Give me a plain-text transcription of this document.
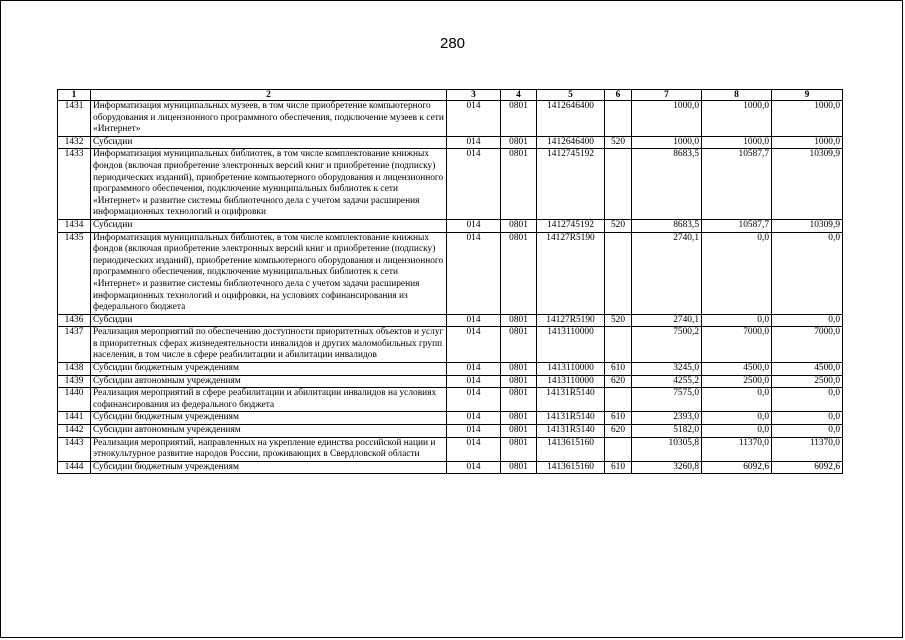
280
1	2	3	4	5	6	7	8	9
1431	Информатизация муниципальных музеев, в том числе приобретение компьютерного оборудования и лицензионного программного обеспечения, подключение музеев к сети «Интернет»	014	0801	1412646400		1000,0	1000,0	1000,0
1432	Субсидии	014	0801	1412646400	520	1000,0	1000,0	1000,0
1433	Информатизация муниципальных библиотек, в том числе комплектование книжных фондов (включая приобретение электронных версий книг и приобретение (подписку) периодических изданий), приобретение компьютерного оборудования и лицензионного программного обеспечения, подключение муниципальных библиотек к сети «Интернет» и развитие системы библиотечного дела с учетом задачи расширения информационных технологий и оцифровки	014	0801	1412745192		8683,5	10587,7	10309,9
1434	Субсидии	014	0801	1412745192	520	8683,5	10587,7	10309,9
1435	Информатизация муниципальных библиотек, в том числе комплектование книжных фондов (включая приобретение электронных версий книг и приобретение (подписку) периодических изданий), приобретение компьютерного оборудования и лицензионного программного обеспечения, подключение муниципальных библиотек к сети «Интернет» и развитие системы библиотечного дела с учетом задачи расширения информационных технологий и оцифровки, на условиях софинансирования из федерального бюджета	014	0801	14127R5190		2740,1	0,0	0,0
1436	Субсидии	014	0801	14127R5190	520	2740,1	0,0	0,0
1437	Реализация мероприятий по обеспечению доступности приоритетных объектов и услуг в приоритетных сферах жизнедеятельности инвалидов и других маломобильных групп населения, в том числе в сфере реабилитации и абилитации инвалидов	014	0801	1413110000		7500,2	7000,0	7000,0
1438	Субсидии бюджетным учреждениям	014	0801	1413110000	610	3245,0	4500,0	4500,0
1439	Субсидии автономным учреждениям	014	0801	1413110000	620	4255,2	2500,0	2500,0
1440	Реализация мероприятий в сфере реабилитации и абилитации инвалидов на условиях софинансирования из федерального бюджета	014	0801	14131R5140		7575,0	0,0	0,0
1441	Субсидии бюджетным учреждениям	014	0801	14131R5140	610	2393,0	0,0	0,0
1442	Субсидии автономным учреждениям	014	0801	14131R5140	620	5182,0	0,0	0,0
1443	Реализация мероприятий, направленных на укрепление единства российской нации и этнокультурное развитие народов России, проживающих в Свердловской области	014	0801	1413615160		10305,8	11370,0	11370,0
1444	Субсидии бюджетным учреждениям	014	0801	1413615160	610	3260,8	6092,6	6092,6
